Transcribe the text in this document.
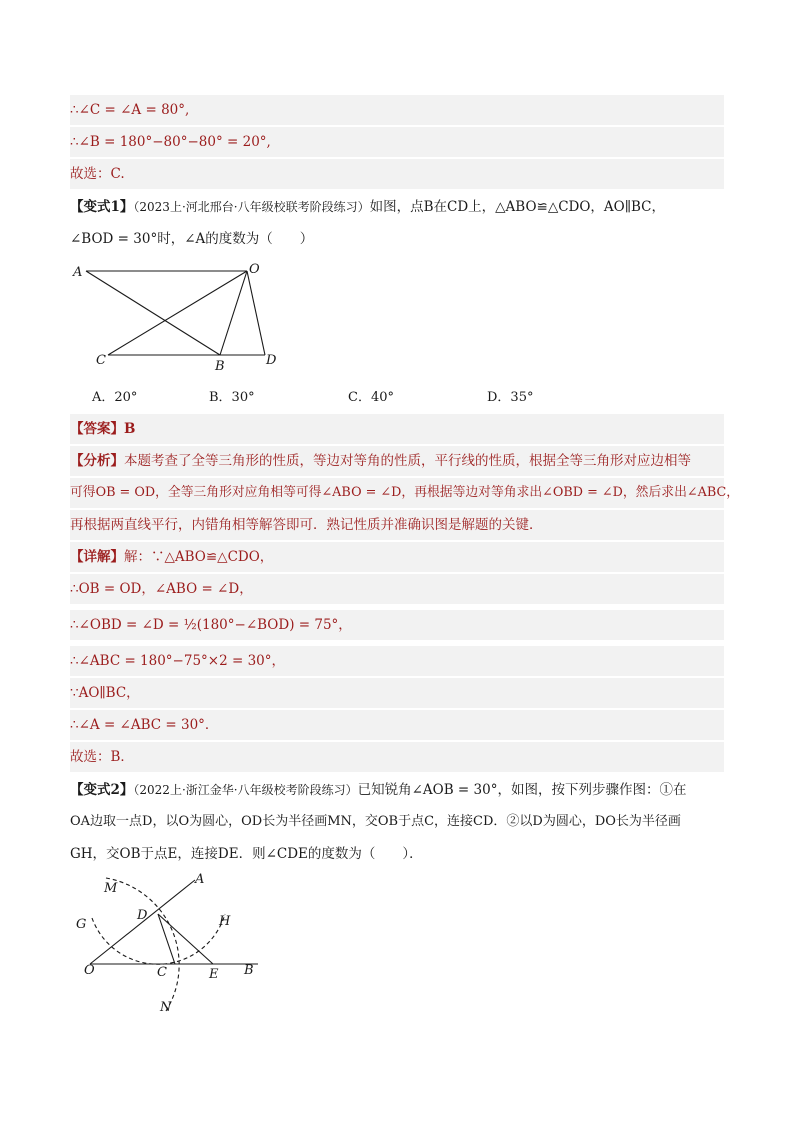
∴∠C = ∠A = 80°,
∴∠B = 180°−80°−80° = 20°,
故选：C.
【变式1】（2023上·河北邢台·八年级校联考阶段练习）如图，点B在CD上，△ABO≌△CDO，AO∥BC，
∠BOD = 30°时，∠A的度数为（　　）
A	O
C	B	D
A．20°	B．30°	C．40°	D．35°
【答案】B
【分析】本题考查了全等三角形的性质，等边对等角的性质，平行线的性质，根据全等三角形对应边相等
可得OB = OD，全等三角形对应角相等可得∠ABO = ∠D，再根据等边对等角求出∠OBD = ∠D，然后求出∠ABC，
再根据两直线平行，内错角相等解答即可．熟记性质并准确识图是解题的关键．
【详解】解：∵△ABO≌△CDO，
∴OB = OD，∠ABO = ∠D，
∴∠OBD = ∠D = ½(180°−∠BOD) = 75°，
∴∠ABC = 180°−75°×2 = 30°，
∵AO∥BC，
∴∠A = ∠ABC = 30°．
故选：B．
【变式2】（2022上·浙江金华·八年级校考阶段练习）已知锐角∠AOB = 30°，如图，按下列步骤作图：①在
OA边取一点D，以O为圆心，OD长为半径画MN，交OB于点C，连接CD．②以D为圆心，DO长为半径画
GH，交OB于点E，连接DE．则∠CDE的度数为（　　）．
M
A
D
G	H
O	C	E B
N
